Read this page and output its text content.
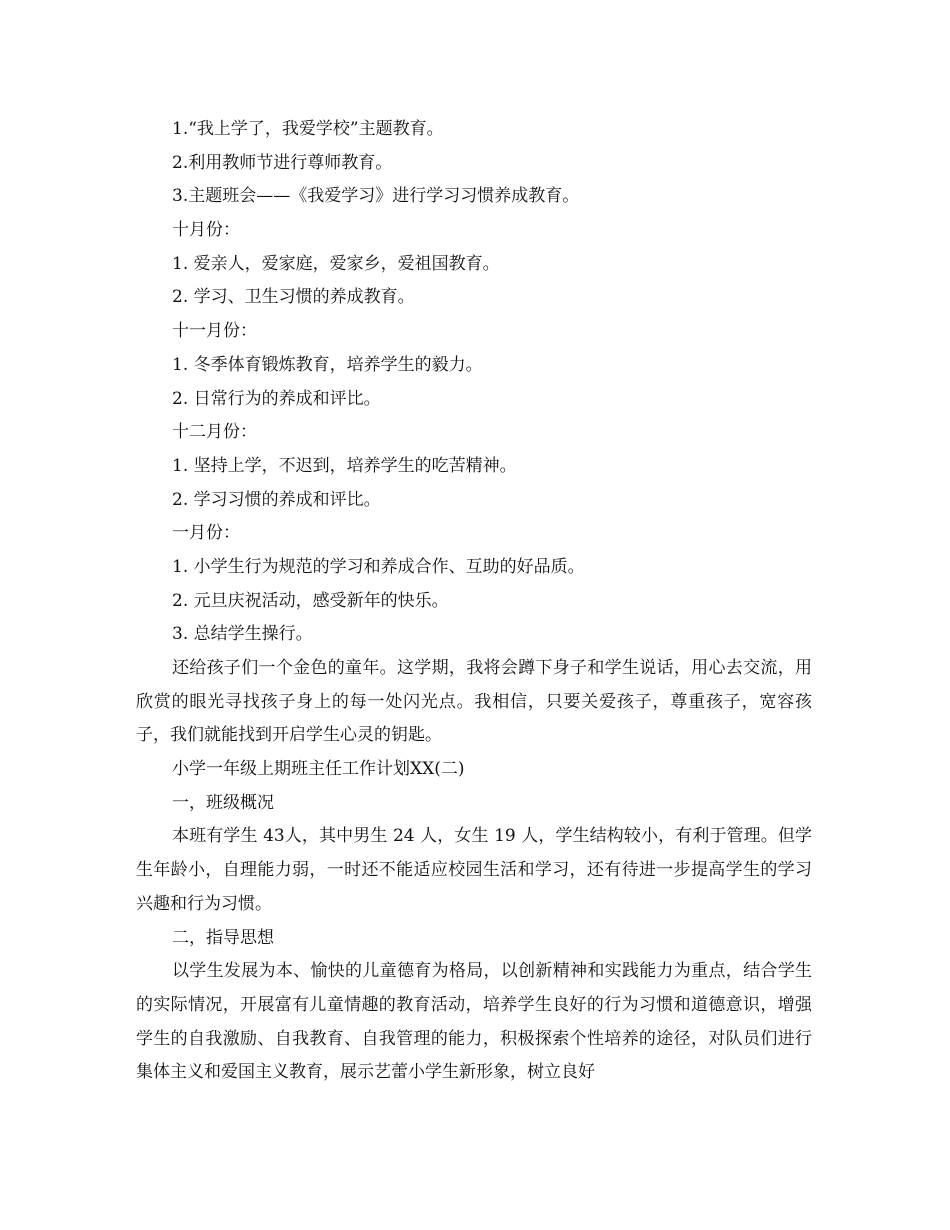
1.“我上学了，我爱学校”主题教育。
2.利用教师节进行尊师教育。
3.主题班会——《我爱学习》进行学习习惯养成教育。
十月份：
1. 爱亲人，爱家庭，爱家乡，爱祖国教育。
2. 学习、卫生习惯的养成教育。
十一月份：
1. 冬季体育锻炼教育，培养学生的毅力。
2. 日常行为的养成和评比。
十二月份：
1. 坚持上学，不迟到，培养学生的吃苦精神。
2. 学习习惯的养成和评比。
一月份：
1. 小学生行为规范的学习和养成合作、互助的好品质。
2. 元旦庆祝活动，感受新年的快乐。
3. 总结学生操行。

还给孩子们一个金色的童年。这学期，我将会蹲下身子和学生说话，用心去交流，用欣赏的眼光寻找孩子身上的每一处闪光点。我相信，只要关爱孩子，尊重孩子，宽容孩子，我们就能找到开启学生心灵的钥匙。

小学一年级上期班主任工作计划XX(二)
一，班级概况

本班有学生 43人，其中男生 24 人，女生 19 人，学生结构较小，有利于管理。但学生年龄小，自理能力弱，一时还不能适应校园生活和学习，还有待进一步提高学生的学习兴趣和行为习惯。

二，指导思想

以学生发展为本、愉快的儿童德育为格局，以创新精神和实践能力为重点，结合学生的实际情况，开展富有儿童情趣的教育活动，培养学生良好的行为习惯和道德意识，增强学生的自我激励、自我教育、自我管理的能力，积极探索个性培养的途径，对队员们进行集体主义和爱国主义教育，展示艺蕾小学生新形象，树立良好
